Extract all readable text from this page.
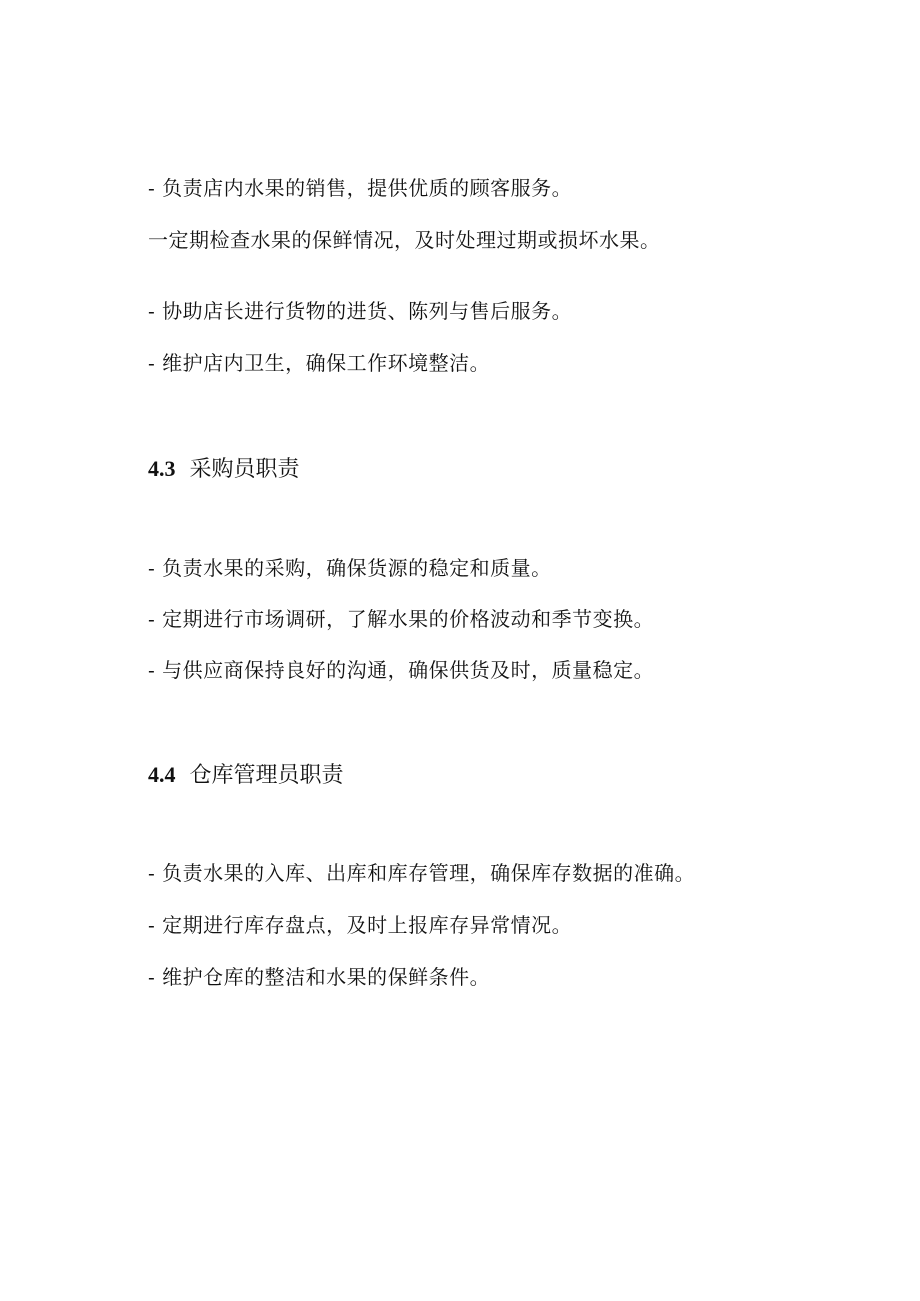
- 负责店内水果的销售，提供优质的顾客服务。
一定期检查水果的保鲜情况，及时处理过期或损坏水果。
- 协助店长进行货物的进货、陈列与售后服务。
- 维护店内卫生，确保工作环境整洁。
4.3 采购员职责
- 负责水果的采购，确保货源的稳定和质量。
- 定期进行市场调研，了解水果的价格波动和季节变换。
- 与供应商保持良好的沟通，确保供货及时，质量稳定。
4.4 仓库管理员职责
- 负责水果的入库、出库和库存管理，确保库存数据的准确。
- 定期进行库存盘点，及时上报库存异常情况。
- 维护仓库的整洁和水果的保鲜条件。
